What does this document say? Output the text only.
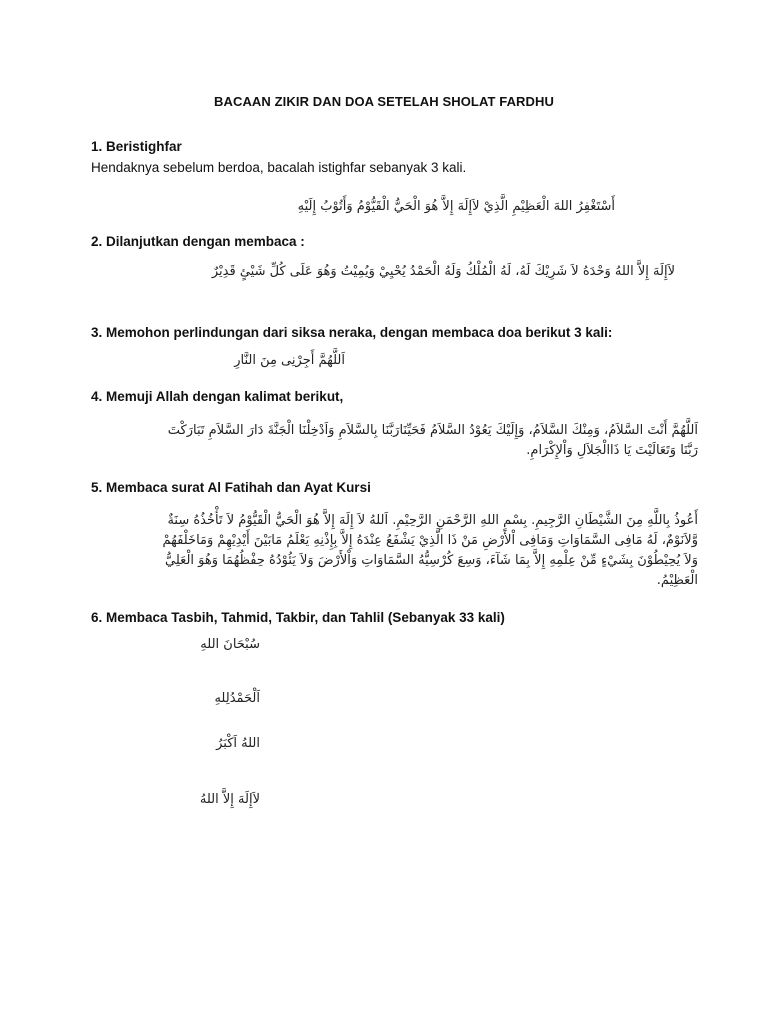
BACAAN ZIKIR DAN DOA SETELAH SHOLAT FARDHU
1. Beristighfar
Hendaknya sebelum berdoa, bacalah istighfar sebanyak 3 kali.
أَسْتَغْفِرُ اللهَ الْعَظِيْمِ الَّذِيْ لاَإِلَهَ إِلاَّ هُوَ الْحَيُّ الْقَيُّوْمُ وَأَتُوْبُ إِلَيْهِ
2. Dilanjutkan dengan membaca :
لاَإِلَهَ إِلاَّ اللهُ وَحْدَهُ لاَ شَرِيْكَ لَهُ، لَهُ الْمُلْكُ وَلَهُ الْحَمْدُ يُحْيِيْ وَيُمِيْتُ وَهُوَ عَلَى كُلِّ شَيْئٍ قَدِيْرٌ
3. Memohon perlindungan dari siksa neraka, dengan membaca doa berikut 3 kali:
اَللَّهُمَّ أَجِرْنِى مِنَ النَّارِ
4. Memuji Allah dengan kalimat berikut,
اَللَّهُمَّ أَنْتَ السَّلاَمُ، وَمِنْكَ السَّلاَمُ، وَإِلَيْكَ يَعُوْدُ السَّلاَمُ فَحَيِّنَارَبَّنَا بِالسَّلاَمِ وَاَدْخِلْنَا الْجَنَّةَ دَارَ السَّلاَمِ تَبَارَكْتَ
رَبَّنَا وَتَعَالَيْتَ يَا ذَاالْجَلاَلِ وَاْلإِكْرَامِ.
5. Membaca surat Al Fatihah dan Ayat Kursi
أَعُوذُ بِاللَّهِ مِنَ الشَّيْطَانِ الرَّجِيمِ. بِسْمِ اللهِ الرَّحْمَنِ الرَّحِيْمِ. اَللهُ لاَ إِلَهَ إِلاَّ هُوَ الْحَيُّ الْقَيُّوْمُ لاَ تَأْخُذُهُ سِنَةٌ
وَّلاَنَوْمٌ، لَهُ مَافِى السَّمَاوَاتِ وَمَافِى اْلأَرْضِ مَنْ ذَا الَّذِيْ يَشْفَعُ عِنْدَهُ إِلاَّ بِإِذْنِهِ يَعْلَمُ مَابَيْنَ أَيْدِيْهِمْ وَمَاخَلْفَهُمْ
وَلاَ يُحِيْطُوْنَ بِشَيْءٍ مِّنْ عِلْمِهِ إِلاَّ بِمَا شَآءَ، وَسِعَ كُرْسِيُّهُ السَّمَاوَاتِ وَاْلأَرْضَ وَلاَ يَئُوْدُهُ حِفْظُهُمَا وَهُوَ الْعَلِيُّ
الْعَظِيْمُ.
6. Membaca Tasbih, Tahmid, Takbir, dan Tahlil (Sebanyak 33 kali)
سُبْحَانَ اللهِ
اَلْحَمْدُلِلهِ
اللهُ اَكْبَرُ
لاَإِلَهَ إِلاَّ اللهُ
